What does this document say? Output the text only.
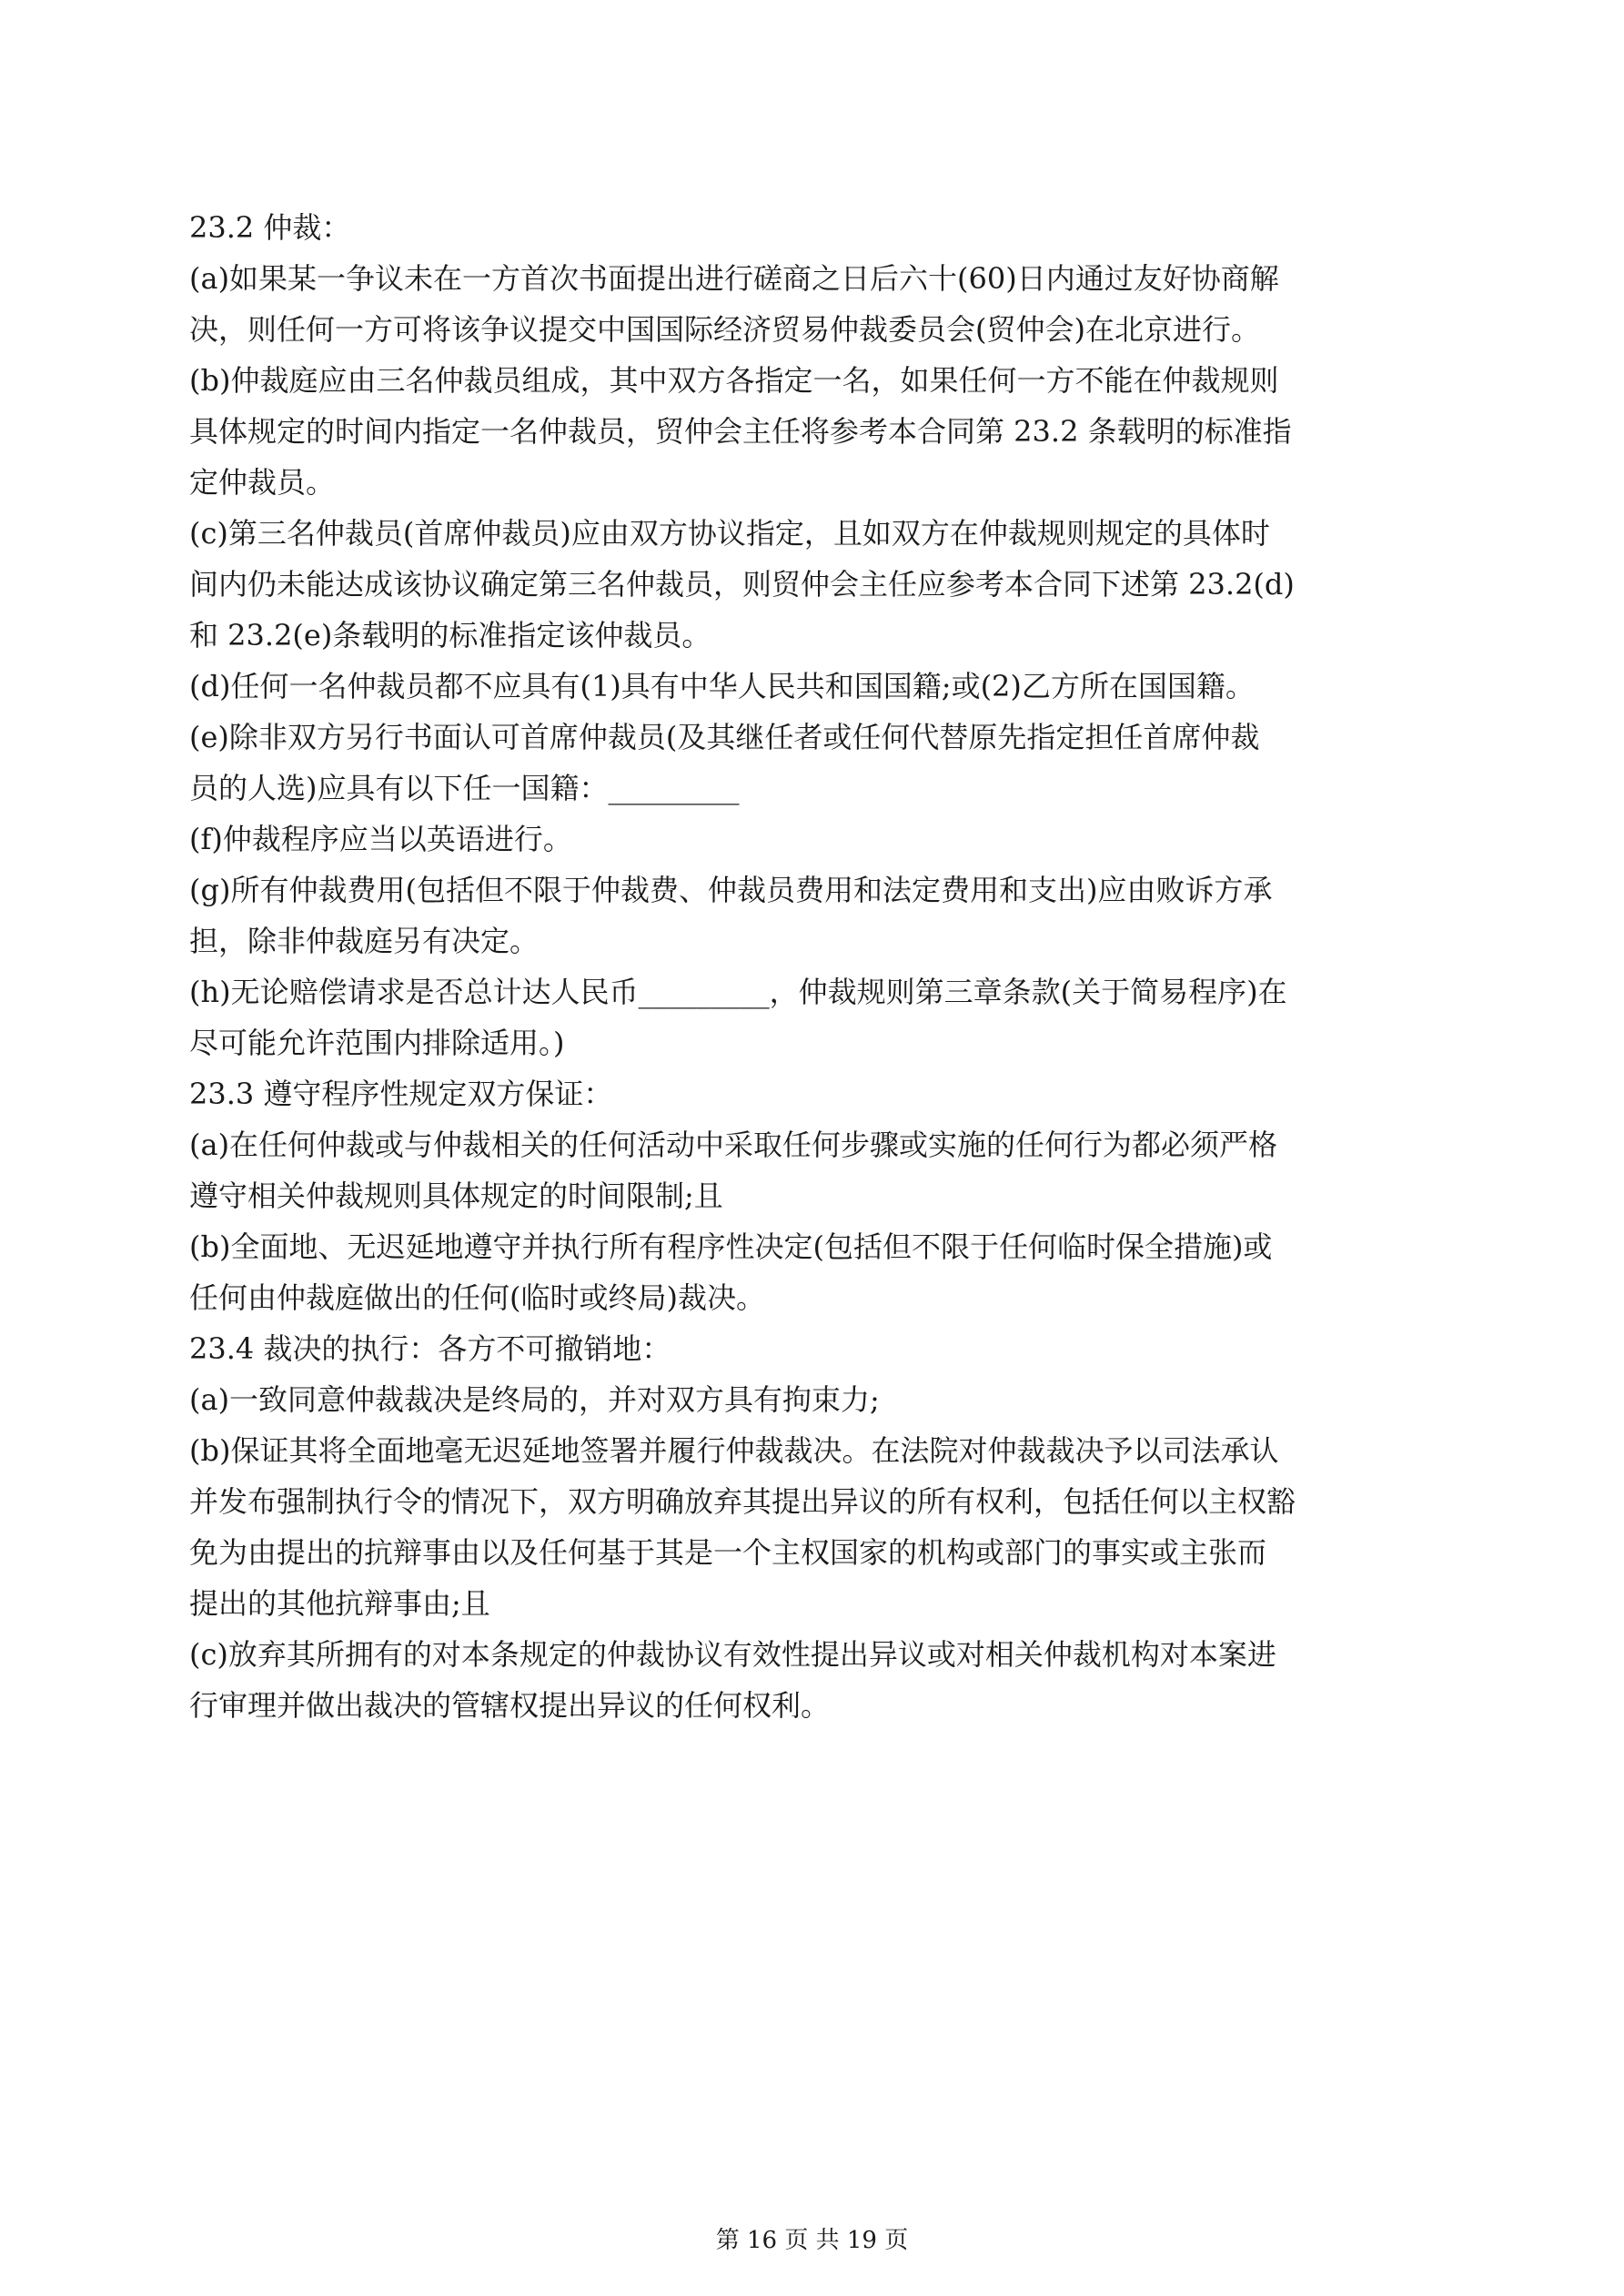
23.2 仲裁：
(a)如果某一争议未在一方首次书面提出进行磋商之日后六十(60)日内通过友好协商解
决，则任何一方可将该争议提交中国国际经济贸易仲裁委员会(贸仲会)在北京进行。
(b)仲裁庭应由三名仲裁员组成，其中双方各指定一名，如果任何一方不能在仲裁规则
具体规定的时间内指定一名仲裁员，贸仲会主任将参考本合同第 23.2 条载明的标准指
定仲裁员。
(c)第三名仲裁员(首席仲裁员)应由双方协议指定，且如双方在仲裁规则规定的具体时
间内仍未能达成该协议确定第三名仲裁员，则贸仲会主任应参考本合同下述第 23.2(d)
和 23.2(e)条载明的标准指定该仲裁员。
(d)任何一名仲裁员都不应具有(1)具有中华人民共和国国籍;或(2)乙方所在国国籍。
(e)除非双方另行书面认可首席仲裁员(及其继任者或任何代替原先指定担任首席仲裁
员的人选)应具有以下任一国籍：_________
(f)仲裁程序应当以英语进行。
(g)所有仲裁费用(包括但不限于仲裁费、仲裁员费用和法定费用和支出)应由败诉方承
担，除非仲裁庭另有决定。
(h)无论赔偿请求是否总计达人民币_________，仲裁规则第三章条款(关于简易程序)在
尽可能允许范围内排除适用。)
23.3 遵守程序性规定双方保证：
(a)在任何仲裁或与仲裁相关的任何活动中采取任何步骤或实施的任何行为都必须严格
遵守相关仲裁规则具体规定的时间限制;且
(b)全面地、无迟延地遵守并执行所有程序性决定(包括但不限于任何临时保全措施)或
任何由仲裁庭做出的任何(临时或终局)裁决。
23.4 裁决的执行：各方不可撤销地：
(a)一致同意仲裁裁决是终局的，并对双方具有拘束力;
(b)保证其将全面地毫无迟延地签署并履行仲裁裁决。在法院对仲裁裁决予以司法承认
并发布强制执行令的情况下，双方明确放弃其提出异议的所有权利，包括任何以主权豁
免为由提出的抗辩事由以及任何基于其是一个主权国家的机构或部门的事实或主张而
提出的其他抗辩事由;且
(c)放弃其所拥有的对本条规定的仲裁协议有效性提出异议或对相关仲裁机构对本案进
行审理并做出裁决的管辖权提出异议的任何权利。
第 16 页 共 19 页
